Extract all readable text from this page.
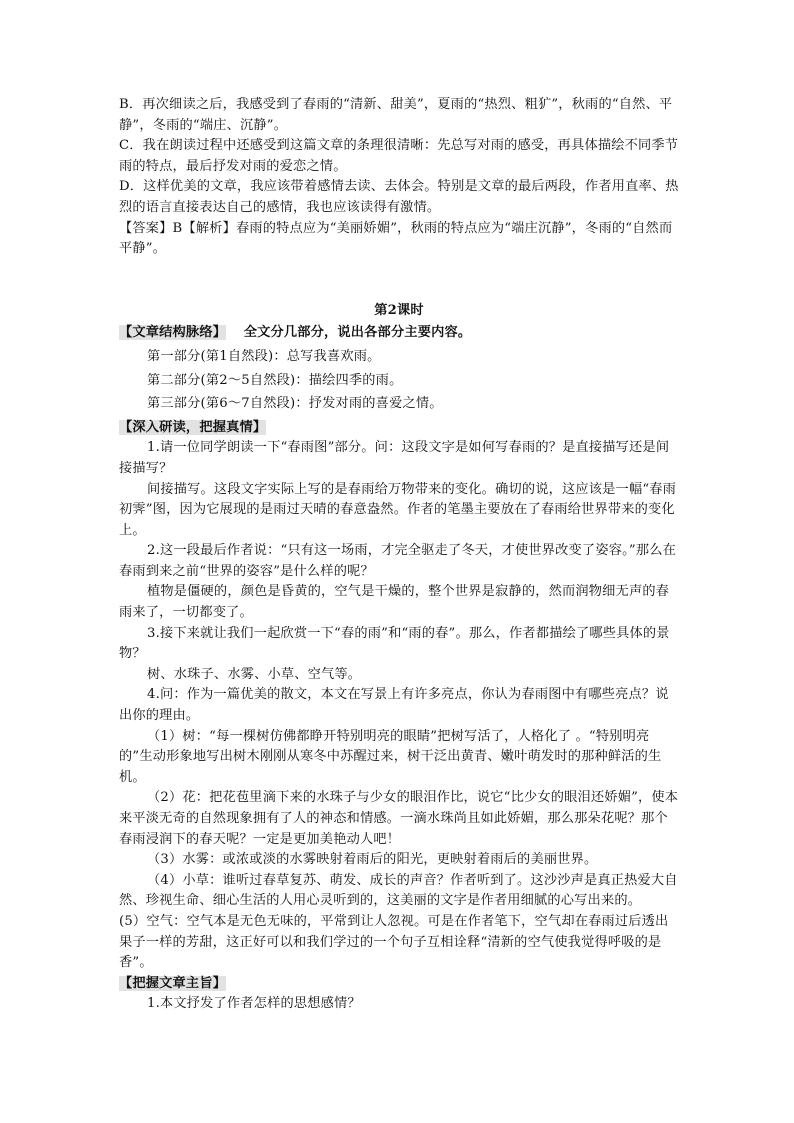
B．再次细读之后，我感受到了春雨的“清新、甜美”，夏雨的“热烈、粗犷”，秋雨的“自然、平静”，冬雨的“端庄、沉静”。

C．我在朗读过程中还感受到这篇文章的条理很清晰：先总写对雨的感受，再具体描绘不同季节雨的特点，最后抒发对雨的爱恋之情。

D．这样优美的文章，我应该带着感情去读、去体会。特别是文章的最后两段，作者用直率、热烈的语言直接表达自己的感情，我也应该读得有激情。

【答案】B【解析】春雨的特点应为“美丽娇媚”，秋雨的特点应为“端庄沉静”，冬雨的“自然而平静”。

第2课时

【文章结构脉络】 全文分几部分，说出各部分主要内容。

第一部分(第1自然段)：总写我喜欢雨。

第二部分(第2～5自然段)：描绘四季的雨。

第三部分(第6～7自然段)：抒发对雨的喜爱之情。

【深入研读，把握真情】

1.请一位同学朗读一下“春雨图”部分。问：这段文字是如何写春雨的？是直接描写还是间接描写？

间接描写。这段文字实际上写的是春雨给万物带来的变化。确切的说，这应该是一幅“春雨初霁”图，因为它展现的是雨过天晴的春意盎然。作者的笔墨主要放在了春雨给世界带来的变化上。

2.这一段最后作者说：“只有这一场雨，才完全驱走了冬天，才使世界改变了姿容。”那么在春雨到来之前“世界的姿容”是什么样的呢？

植物是僵硬的，颜色是昏黄的，空气是干燥的，整个世界是寂静的，然而润物细无声的春雨来了，一切都变了。

3.接下来就让我们一起欣赏一下“春的雨”和“雨的春”。那么，作者都描绘了哪些具体的景物？

树、水珠子、水雾、小草、空气等。

4.问：作为一篇优美的散文，本文在写景上有许多亮点，你认为春雨图中有哪些亮点？说出你的理由。

（1）树：“每一棵树仿佛都睁开特别明亮的眼睛”把树写活了，人格化了 。“特别明亮的”生动形象地写出树木刚刚从寒冬中苏醒过来，树干泛出黄青、嫩叶萌发时的那种鲜活的生机。

（2）花：把花苞里滴下来的水珠子与少女的眼泪作比，说它“比少女的眼泪还娇媚”，使本来平淡无奇的自然现象拥有了人的神态和情感。一滴水珠尚且如此娇媚，那么那朵花呢？那个春雨浸润下的春天呢？一定是更加美艳动人吧！

（3）水雾：或浓或淡的水雾映射着雨后的阳光，更映射着雨后的美丽世界。

（4）小草：谁听过春草复苏、萌发、成长的声音？作者听到了。这沙沙声是真正热爱大自然、珍视生命、细心生活的人用心灵听到的，这美丽的文字是作者用细腻的心写出来的。

(5）空气：空气本是无色无味的，平常到让人忽视。可是在作者笔下，空气却在春雨过后透出果子一样的芳甜，这正好可以和我们学过的一个句子互相诠释“清新的空气使我觉得呼吸的是香”。

【把握文章主旨】

1.本文抒发了作者怎样的思想感情？
